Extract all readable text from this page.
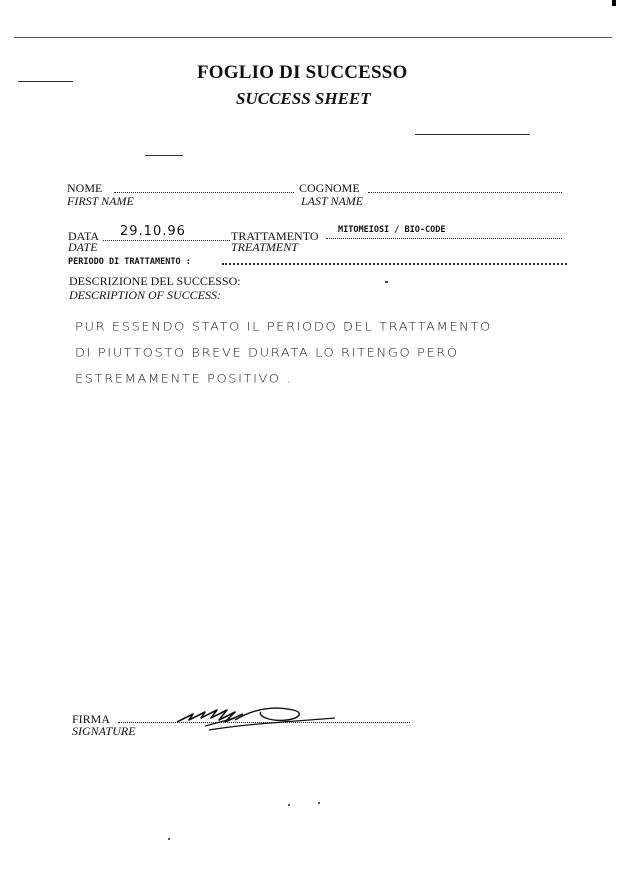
FOGLIO DI SUCCESSO
SUCCESS SHEET
NOME
FIRST NAME
COGNOME
LAST NAME
DATA 29.10.96
DATE
TRATTAMENTO MITOMEIOSI / BIO-CODE
TREATMENT
PERIODO DI TRATTAMENTO :
DESCRIZIONE DEL SUCCESSO:
DESCRIPTION OF SUCCESS:
PUR ESSENDO STATO IL PERIODO DEL TRATTAMENTO
DI PIUTTOSTO BREVE DURATA LO RITENGO PERÒ
ESTREMAMENTE POSITIVO .
FIRMA
SIGNATURE
